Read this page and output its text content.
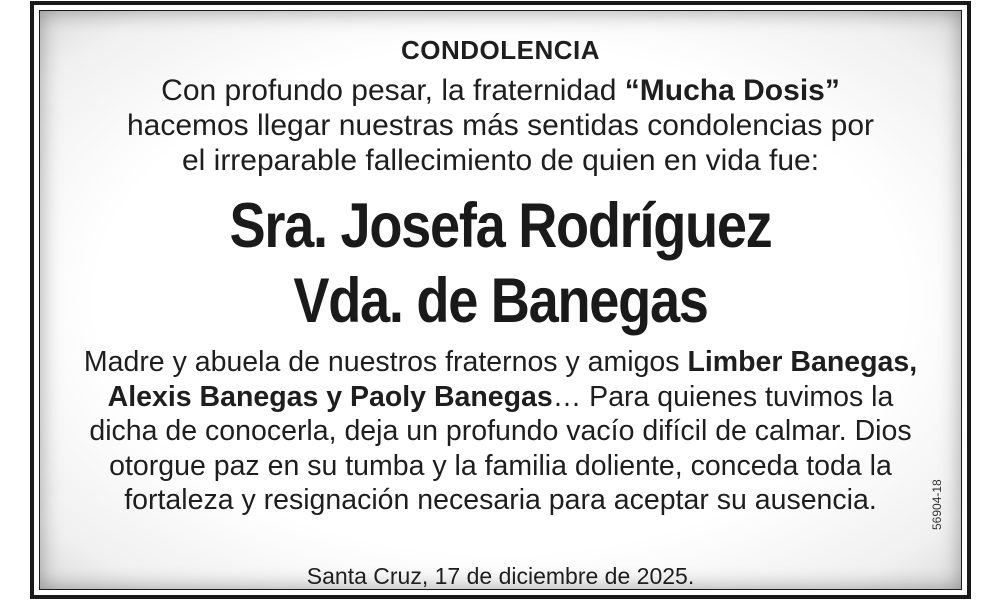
CONDOLENCIA
Con profundo pesar, la fraternidad “Mucha Dosis”
hacemos llegar nuestras más sentidas condolencias por
el irreparable fallecimiento de quien en vida fue:
Sra. Josefa Rodríguez
Vda. de Banegas
Madre y abuela de nuestros fraternos y amigos Limber Banegas, Alexis Banegas y Paoly Banegas… Para quienes tuvimos la dicha de conocerla, deja un profundo vacío difícil de calmar. Dios otorgue paz en su tumba y la familia doliente, conceda toda la fortaleza y resignación necesaria para aceptar su ausencia.
Santa Cruz, 17 de diciembre de 2025.
56904-18
